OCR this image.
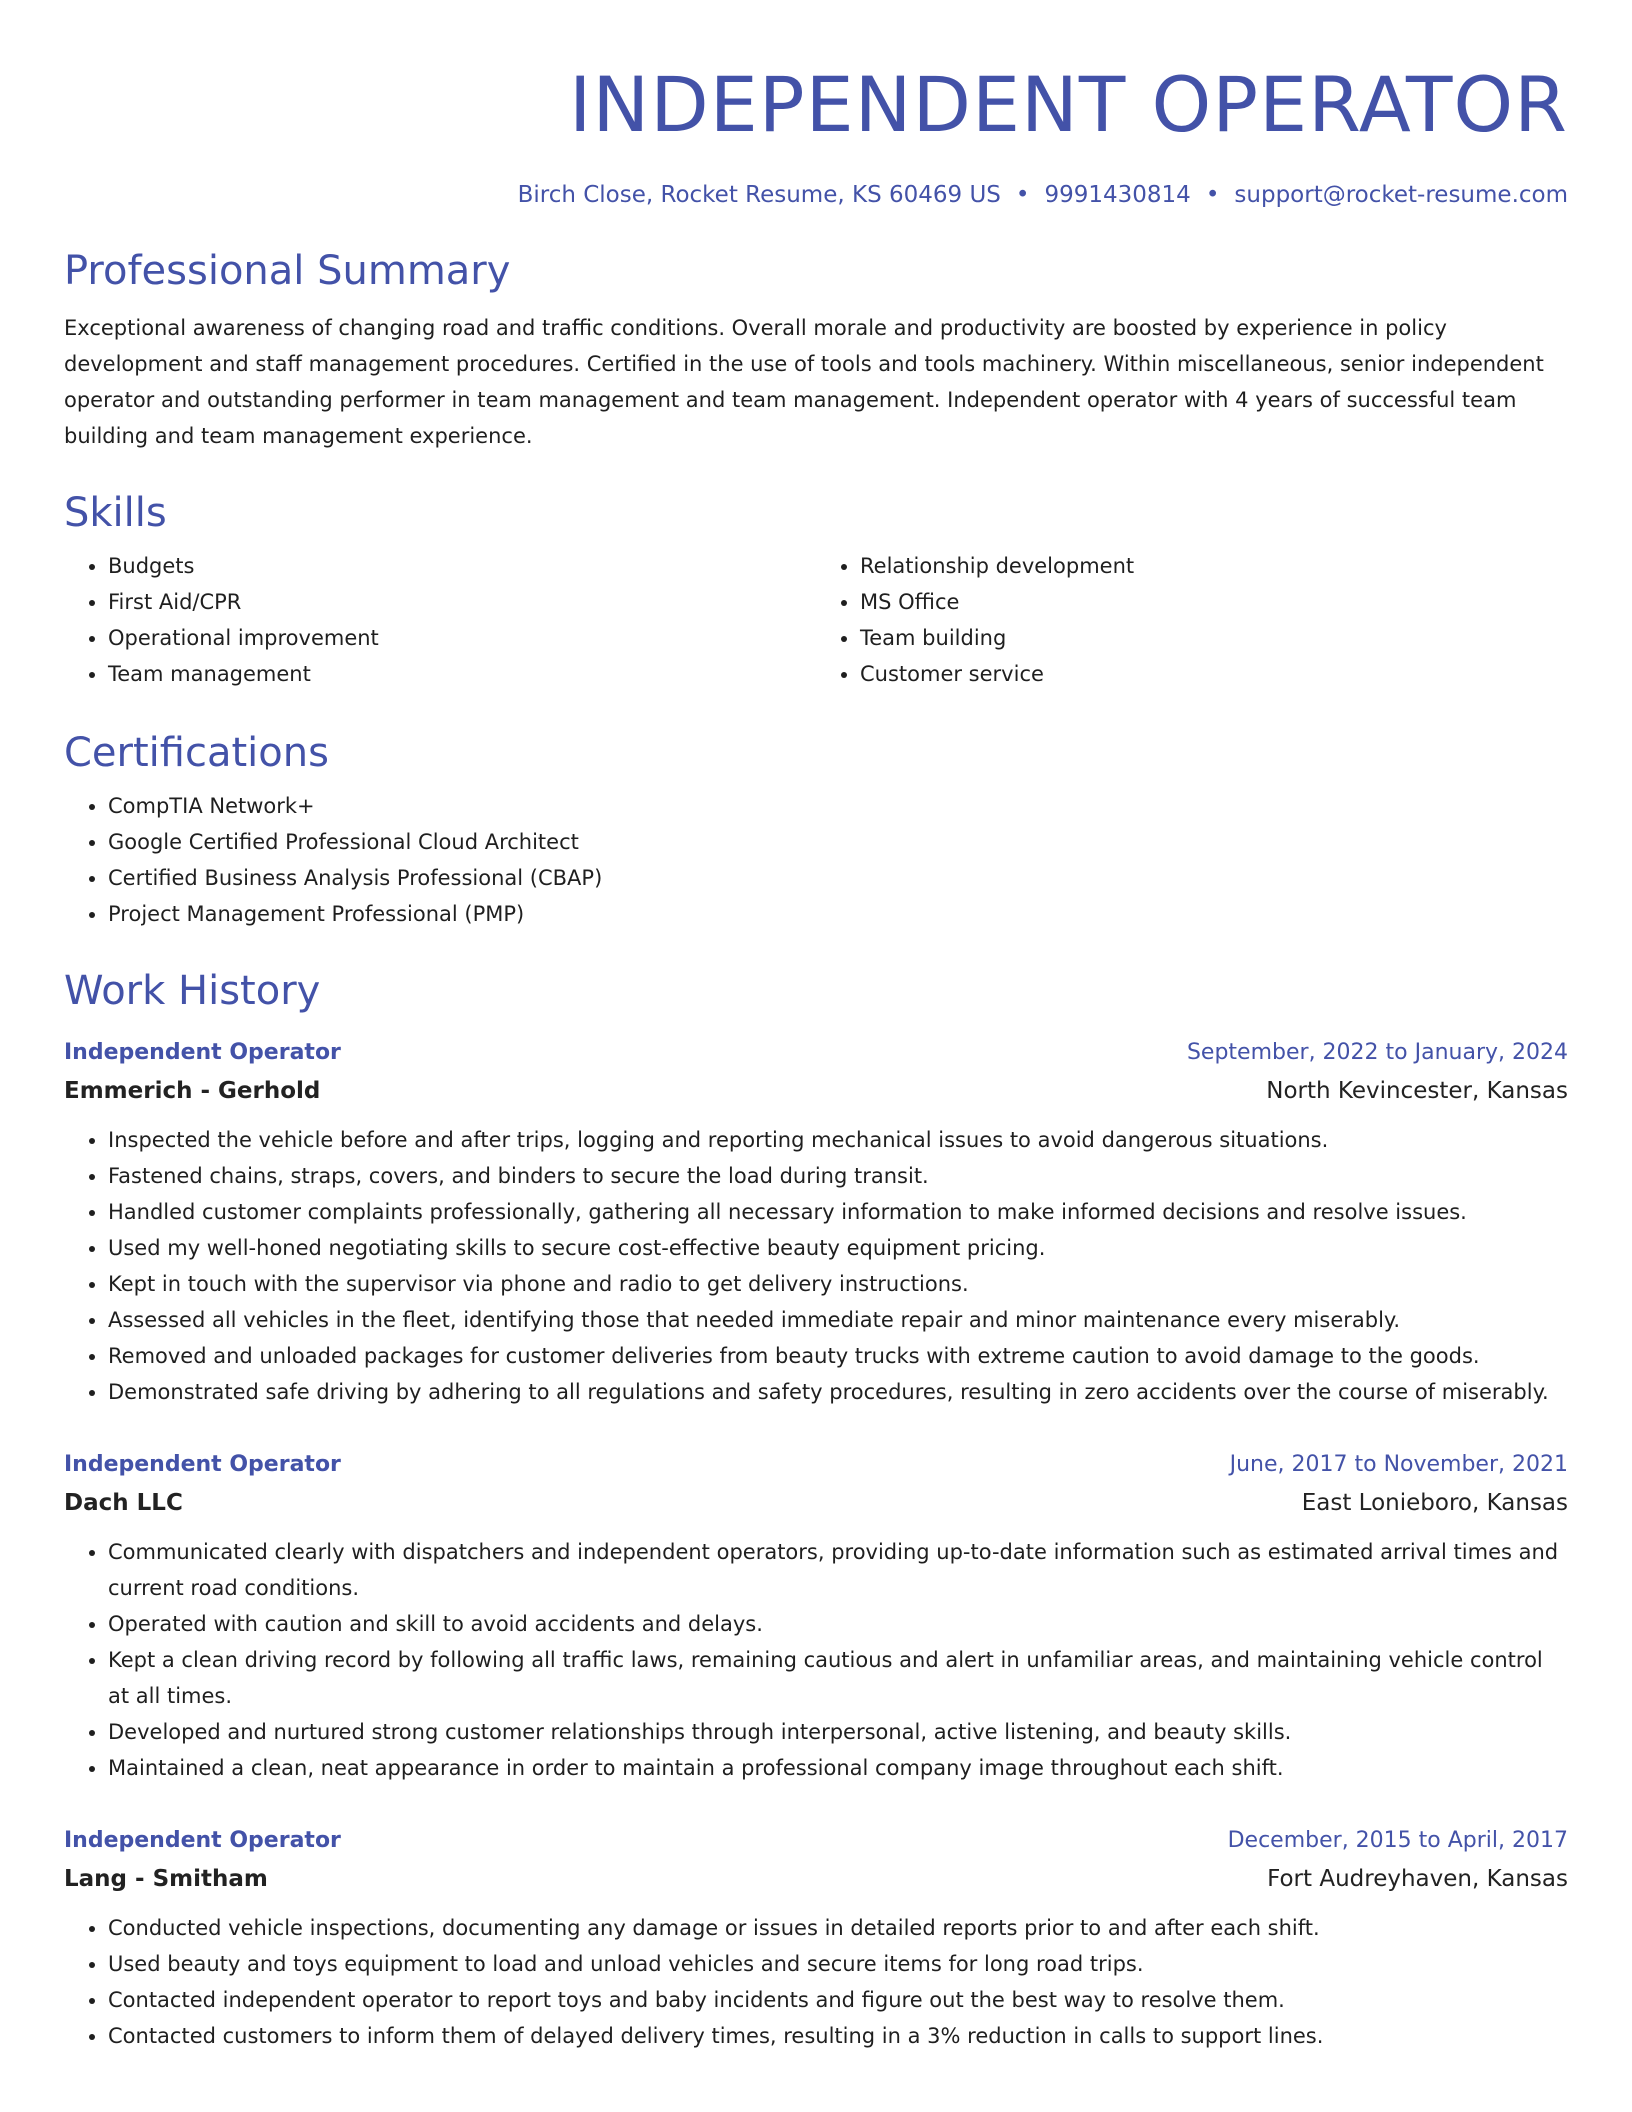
INDEPENDENT OPERATOR
Birch Close, Rocket Resume, KS 60469 US • 9991430814 • support@rocket-resume.com
Professional Summary

Exceptional awareness of changing road and traffic conditions. Overall morale and productivity are boosted by experience in policy development and staff management procedures. Certified in the use of tools and tools machinery. Within miscellaneous, senior independent operator and outstanding performer in team management and team management. Independent operator with 4 years of successful team building and team management experience.

Skills
• Budgets
• First Aid/CPR
• Operational improvement
• Team management
• Relationship development
• MS Office
• Team building
• Customer service
Certifications
• CompTIA Network+
• Google Certified Professional Cloud Architect
• Certified Business Analysis Professional (CBAP)
• Project Management Professional (PMP)
Work History
Independent Operator	September, 2022 to January, 2024
Emmerich - Gerhold	North Kevincester, Kansas
• Inspected the vehicle before and after trips, logging and reporting mechanical issues to avoid dangerous situations.
• Fastened chains, straps, covers, and binders to secure the load during transit.
• Handled customer complaints professionally, gathering all necessary information to make informed decisions and resolve issues.
• Used my well-honed negotiating skills to secure cost-effective beauty equipment pricing.
• Kept in touch with the supervisor via phone and radio to get delivery instructions.
• Assessed all vehicles in the fleet, identifying those that needed immediate repair and minor maintenance every miserably.
• Removed and unloaded packages for customer deliveries from beauty trucks with extreme caution to avoid damage to the goods.
• Demonstrated safe driving by adhering to all regulations and safety procedures, resulting in zero accidents over the course of miserably.
Independent Operator	June, 2017 to November, 2021
Dach LLC	East Lonieboro, Kansas
• Communicated clearly with dispatchers and independent operators, providing up-to-date information such as estimated arrival times and current road conditions.
• Operated with caution and skill to avoid accidents and delays.
• Kept a clean driving record by following all traffic laws, remaining cautious and alert in unfamiliar areas, and maintaining vehicle control at all times.
• Developed and nurtured strong customer relationships through interpersonal, active listening, and beauty skills.
• Maintained a clean, neat appearance in order to maintain a professional company image throughout each shift.
Independent Operator	December, 2015 to April, 2017
Lang - Smitham	Fort Audreyhaven, Kansas
• Conducted vehicle inspections, documenting any damage or issues in detailed reports prior to and after each shift.
• Used beauty and toys equipment to load and unload vehicles and secure items for long road trips.
• Contacted independent operator to report toys and baby incidents and figure out the best way to resolve them.
• Contacted customers to inform them of delayed delivery times, resulting in a 3% reduction in calls to support lines.
